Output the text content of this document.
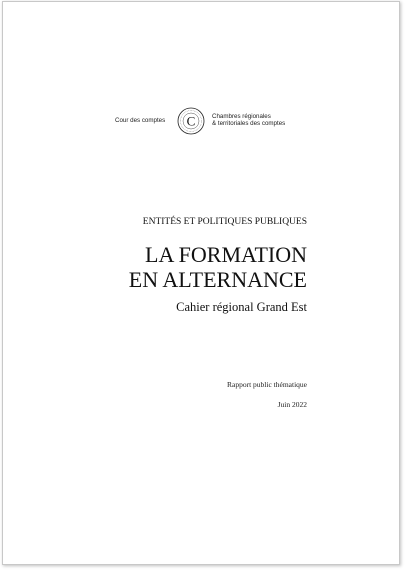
Cour des comptes C	Chambres régionales
& territoriales des comptes
ENTITÉS ET POLITIQUES PUBLIQUES
LA FORMATION
EN ALTERNANCE
Cahier régional Grand Est
Rapport public thématique
Juin 2022
